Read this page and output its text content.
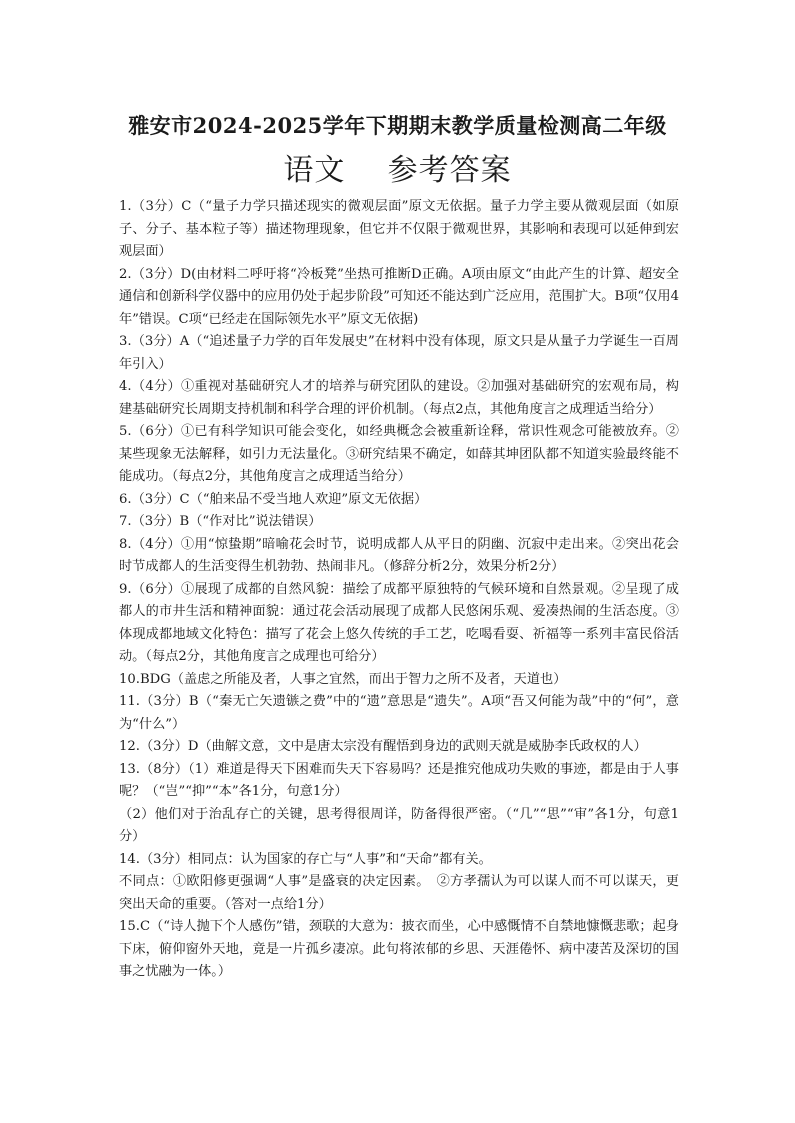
雅安市2024-2025学年下期期末教学质量检测高二年级
语文    参考答案

1.（3分）C（“量子力学只描述现实的微观层面”原文无依据。量子力学主要从微观层面（如原子、分子、基本粒子等）描述物理现象，但它并不仅限于微观世界，其影响和表现可以延伸到宏观层面）

2.（3分）D(由材料二呼吁将“冷板凳”坐热可推断D正确。A项由原文“由此产生的计算、超安全通信和创新科学仪器中的应用仍处于起步阶段”可知还不能达到广泛应用，范围扩大。B项“仅用4年”错误。C项“已经走在国际领先水平”原文无依据)

3.（3分）A（“追述量子力学的百年发展史”在材料中没有体现，原文只是从量子力学诞生一百周年引入）

4.（4分）①重视对基础研究人才的培养与研究团队的建设。②加强对基础研究的宏观布局，构建基础研究长周期支持机制和科学合理的评价机制。（每点2点，其他角度言之成理适当给分）

5.（6分）①已有科学知识可能会变化，如经典概念会被重新诠释，常识性观念可能被放弃。②某些现象无法解释，如引力无法量化。③研究结果不确定，如薛其坤团队都不知道实验最终能不能成功。（每点2分，其他角度言之成理适当给分）

6.（3分）C（“舶来品不受当地人欢迎”原文无依据）

7.（3分）B（“作对比”说法错误）

8.（4分）①用“惊蛰期”暗喻花会时节，说明成都人从平日的阴幽、沉寂中走出来。②突出花会时节成都人的生活变得生机勃勃、热闹非凡。（修辞分析2分，效果分析2分）

9.（6分）①展现了成都的自然风貌：描绘了成都平原独特的气候环境和自然景观。②呈现了成都人的市井生活和精神面貌：通过花会活动展现了成都人民悠闲乐观、爱凑热闹的生活态度。③体现成都地域文化特色：描写了花会上悠久传统的手工艺，吃喝看耍、祈福等一系列丰富民俗活动。（每点2分，其他角度言之成理也可给分）

10.BDG（盖虑之所能及者，人事之宜然，而出于智力之所不及者，天道也）

11.（3分）B（“秦无亡矢遗镞之费”中的“遗”意思是“遗失”。A项“吾又何能为哉”中的“何”，意为“什么”）

12.（3分）D（曲解文意，文中是唐太宗没有醒悟到身边的武则天就是威胁李氏政权的人）

13.（8分）（1）难道是得天下困难而失天下容易吗？还是推究他成功失败的事迹，都是由于人事呢？（“岂”“抑”“本”各1分，句意1分）

（2）他们对于治乱存亡的关键，思考得很周详，防备得很严密。（“几”“思”“审”各1分，句意1分）

14.（3分）相同点：认为国家的存亡与“人事”和“天命”都有关。

不同点：①欧阳修更强调“人事”是盛衰的决定因素。　②方孝孺认为可以谋人而不可以谋天，更突出天命的重要。（答对一点给1分）

15.C（“诗人抛下个人感伤”错，颈联的大意为：披衣而坐，心中感慨情不自禁地慷慨悲歌；起身下床，俯仰窗外天地，竟是一片孤乡凄凉。此句将浓郁的乡思、天涯倦怀、病中凄苦及深切的国事之忧融为一体。）
